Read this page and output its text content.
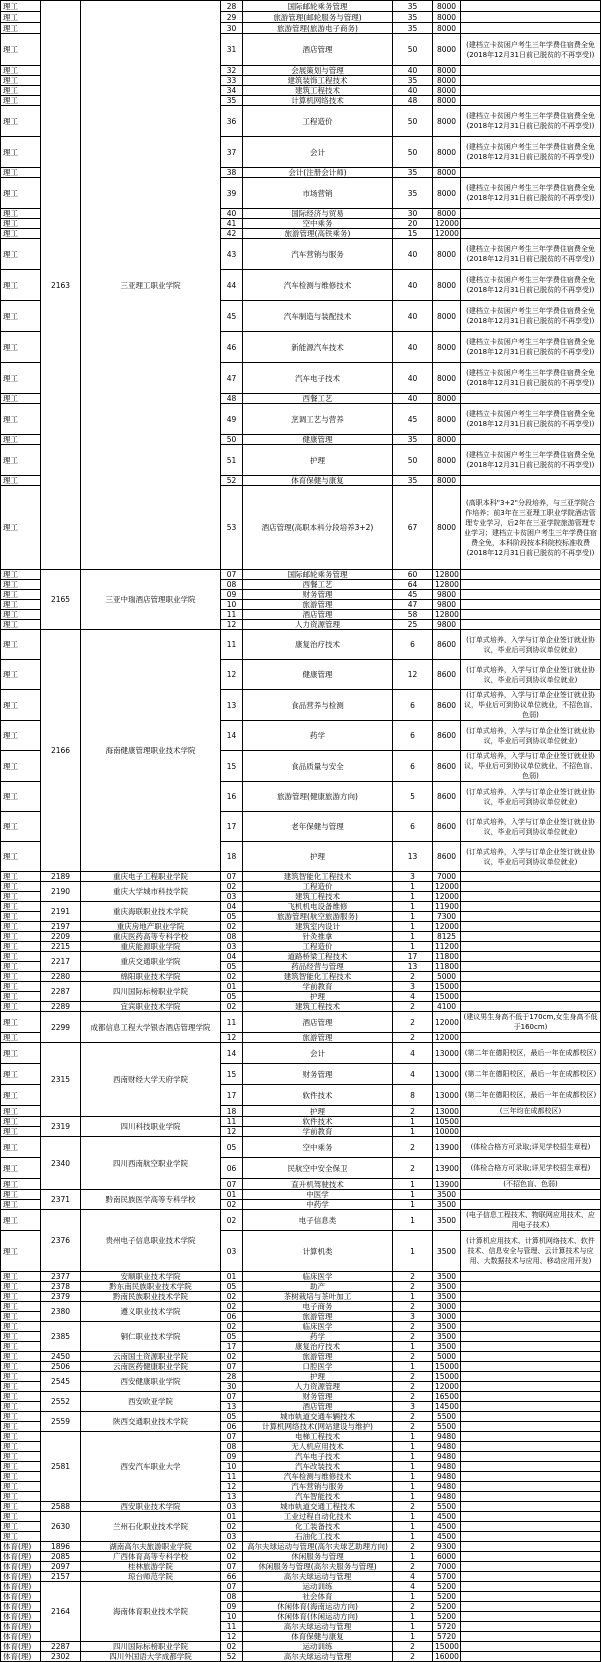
理工	2163	三亚理工职业学院	28	国际邮轮乘务管理	35	8000	
理工			29	旅游管理(邮轮服务与管理)	35	8000	
理工			30	旅游管理(旅游电子商务)	35	8000	
理工			31	酒店管理	50	8000	(建档立卡贫困户考生三年学费住宿费全免(2018年12月31日前已脱贫的不再享受))
理工			32	会展策划与管理	40	8000	
理工			33	建筑装饰工程技术	35	8000	
理工			34	建筑工程技术	40	8000	
理工			35	计算机网络技术	48	8000	
理工			36	工程造价	50	8000	(建档立卡贫困户考生三年学费住宿费全免(2018年12月31日前已脱贫的不再享受))
理工			37	会计	50	8000	(建档立卡贫困户考生三年学费住宿费全免(2018年12月31日前已脱贫的不再享受))
理工			38	会计(注册会计师)	35	8000	
理工			39	市场营销	35	8000	(建档立卡贫困户考生三年学费住宿费全免(2018年12月31日前已脱贫的不再享受))
理工			40	国际经济与贸易	30	8000	
理工			41	空中乘务	20	12000	
理工			42	旅游管理(高铁乘务)	15	12000	
理工			43	汽车营销与服务	40	8000	(建档立卡贫困户考生三年学费住宿费全免(2018年12月31日前已脱贫的不再享受))
理工			44	汽车检测与维修技术	40	8000	(建档立卡贫困户考生三年学费住宿费全免(2018年12月31日前已脱贫的不再享受))
理工			45	汽车制造与装配技术	40	8000	(建档立卡贫困户考生三年学费住宿费全免(2018年12月31日前已脱贫的不再享受))
理工			46	新能源汽车技术	40	8000	(建档立卡贫困户考生三年学费住宿费全免(2018年12月31日前已脱贫的不再享受))
理工			47	汽车电子技术	40	8000	(建档立卡贫困户考生三年学费住宿费全免(2018年12月31日前已脱贫的不再享受))
理工			48	西餐工艺	40	8000	
理工			49	烹调工艺与营养	45	8000	(建档立卡贫困户考生三年学费住宿费全免(2018年12月31日前已脱贫的不再享受))
理工			50	健康管理	35	8000	
理工			51	护理	50	8000	(建档立卡贫困户考生三年学费住宿费全免(2018年12月31日前已脱贫的不再享受))
理工			52	体育保健与康复	35	8000	
理工			53	酒店管理(高职本科分段培养3+2)	67	8000	(高职本科"3+2"分段培养，与三亚学院合作培养；前3年在三亚理工职业学院酒店管理专业学习，后2年在三亚学院旅游管理专业学习；建档立卡贫困户考生三年学费住宿费全免，本科阶段按本科院校标准收费(2018年12月31日前已脱贫的不再享受))
理工	2165	三亚中瑞酒店管理职业学院	07	国际邮轮乘务管理	60	12800	
理工			08	西餐工艺	64	12800	
理工			09	财务管理	45	9800	
理工			10	旅游管理	47	9800	
理工			11	酒店管理	58	12800	
理工			12	人力资源管理	25	9800	
理工	2166	海南健康管理职业技术学院	11	康复治疗技术	6	8600	(订单式培养，入学与订单企业签订就业协议，毕业后可到协议单位就业)
理工			12	健康管理	12	8600	(订单式培养，入学与订单企业签订就业协议，毕业后可到协议单位就业)
理工			13	食品营养与检测	6	8600	(订单式培养，入学与订单企业签订就业协议，毕业后可到协议单位就业，不招色盲、色弱)
理工			14	药学	6	8600	(订单式培养，入学与订单企业签订就业协议，毕业后可到协议单位就业)
理工			15	食品质量与安全	6	8600	(订单式培养，入学与订单企业签订就业协议，毕业后可到协议单位就业，不招色盲、色弱)
理工			16	旅游管理(健康旅游方向)	5	8600	(订单式培养，入学与订单企业签订就业协议，毕业后可到协议单位就业)
理工			17	老年保健与管理	6	8600	(订单式培养，入学与订单企业签订就业协议，毕业后可到协议单位就业)
理工			18	护理	13	8600	(订单式培养，入学与订单企业签订就业协议，毕业后可到协议单位就业)
理工	2189	重庆电子工程职业学院	07	建筑智能化工程技术	3	7000	
理工	2190	重庆大学城市科技学院	02	工程造价	1	12000	
理工			03	建筑工程技术	1	12000	
理工	2191	重庆海联职业技术学院	04	飞机机电设备维修	1	11900	
理工			05	旅游管理(航空旅游服务)	1	7300	
理工	2197	重庆房地产职业学院	02	建筑室内设计	1	12000	
理工	2209	重庆医药高等专科学校	08	针灸推拿	1	8125	
理工	2215	重庆能源职业学院	03	工程造价	1	11200	
理工	2217	重庆交通职业学院	04	道路桥梁工程技术	17	11800	
理工			05	药品经营与管理	13	11800	
理工	2280	绵阳职业技术学院	02	建筑智能化工程技术	2	5000	
理工	2287	四川国际标榜职业学院	01	学前教育	3	15000	
理工			05	护理	4	15000	
理工	2289	宜宾职业技术学院	02	建筑工程技术	2	4100	
理工	2299	成都信息工程大学银杏酒店管理学院	11	酒店管理	2	12000	(建议男生身高不低于170cm,女生身高不低于160cm)
理工			12	旅游管理	2	12000	
理工	2315	西南财经大学天府学院	14	会计	4	13000	(第二年在德阳校区，最后一年在成都校区)
理工			15	财务管理	4	13000	(第二年在德阳校区，最后一年在成都校区)
理工			17	软件技术	8	13000	(第二年在德阳校区，最后一年在成都校区)
理工			18	护理	2	13000	(三年均在成都校区)
理工	2319	四川科技职业学院	11	软件技术	1	10500	
理工			12	学前教育	1	10000	
理工	2340	四川西南航空职业学院	05	空中乘务	2	13900	(体检合格方可录取;详见学校招生章程)
理工			06	民航空中安全保卫	2	13900	(体检合格方可录取;详见学校招生章程)
理工			07	直升机驾驶技术	1	13900	(不招色盲、色弱)
理工	2371	黔南民族医学高等专科学校	01	中医学	1	3500	
理工			02	中药学	1	3500	
理工	2376	贵州电子信息职业技术学院	02	电子信息类	1	3500	(电子信息工程技术、物联网应用技术、应用电子技术)
理工			03	计算机类	1	3500	(计算机应用技术、计算机网络技术、软件技术、信息安全与管理、云计算技术与应用、大数据技术与应用、移动应用开发)
理工	2377	安顺职业技术学院	01	临床医学	2	3500	
理工	2378	黔东南民族职业技术学院	05	助产	2	3500	
理工	2379	黔南民族职业技术学院	02	茶树栽培与茶叶加工	1	3500	
理工	2380	遵义职业技术学院	02	电子商务	2	3000	
理工			06	旅游管理	3	3000	
理工	2385	铜仁职业技术学院	02	临床医学	2	3500	
理工			05	药学	2	3500	
理工			17	康复治疗技术	1	3500	
理工	2450	云南国土资源职业学院	02	旅游管理	2	5000	
理工	2506	云南医药健康职业学院	07	口腔医学	1	15000	
理工	2545	西安健康职业学院	28	护理	2	15000	
理工			30	人力资源管理	2	12000	
理工	2552	西安欧亚学院	07	财务管理	2	16500	
理工			13	酒店管理	3	14500	
理工	2559	陕西交通职业技术学院	05	城市轨道交通车辆技术	2	5500	
理工			06	计算机网络技术(网站建设与维护)	2	5500	
理工	2581	西安汽车职业大学	07	电梯工程技术	1	9480	
理工			08	无人机应用技术	1	9480	
理工			09	汽车电子技术	1	9480	
理工			10	汽车改装技术	1	9480	
理工			11	汽车检测与维修技术	1	9480	
理工			12	汽车营销与服务	1	9480	
理工			13	汽车智能技术	1	9480	
理工	2588	西安职业技术学院	03	城市轨道交通工程技术	2	5500	
理工	2630	兰州石化职业技术学院	01	工业过程自动化技术	1	4500	
理工			02	化工装备技术	1	4500	
理工			03	石油化工技术	1	4500	
体育(理)	1896	湖南高尔夫旅游职业学院	02	高尔夫球运动与管理(高尔夫球艺助理方向)	2	9300	
体育(理)	2085	广西体育高等专科学校	02	休闲服务与管理	1	6000	
体育(理)	2097	桂林旅游学院	07	休闲服务与管理(高尔夫服务与管理)	2	7000	
体育(理)	2157	琼台师范学院	66	高尔夫球运动与管理	4	5700	
体育(理)	2164	海南体育职业技术学院	07	运动训练	4	5200	
体育(理)			08	社会体育	1	5200	
体育(理)			09	休闲体育(海南运动方向)	2	5200	
体育(理)			10	休闲体育(休闲运动方向)	1	5200	
体育(理)			11	高尔夫球运动与管理	1	5720	
体育(理)			12	体育保健与康复	1	5720	
体育(理)	2287	四川国际标榜职业学院	02	运动训练	2	15000	
体育(理)	2302	四川外国语大学成都学院	52	高尔夫球运动与管理	2	16000	
